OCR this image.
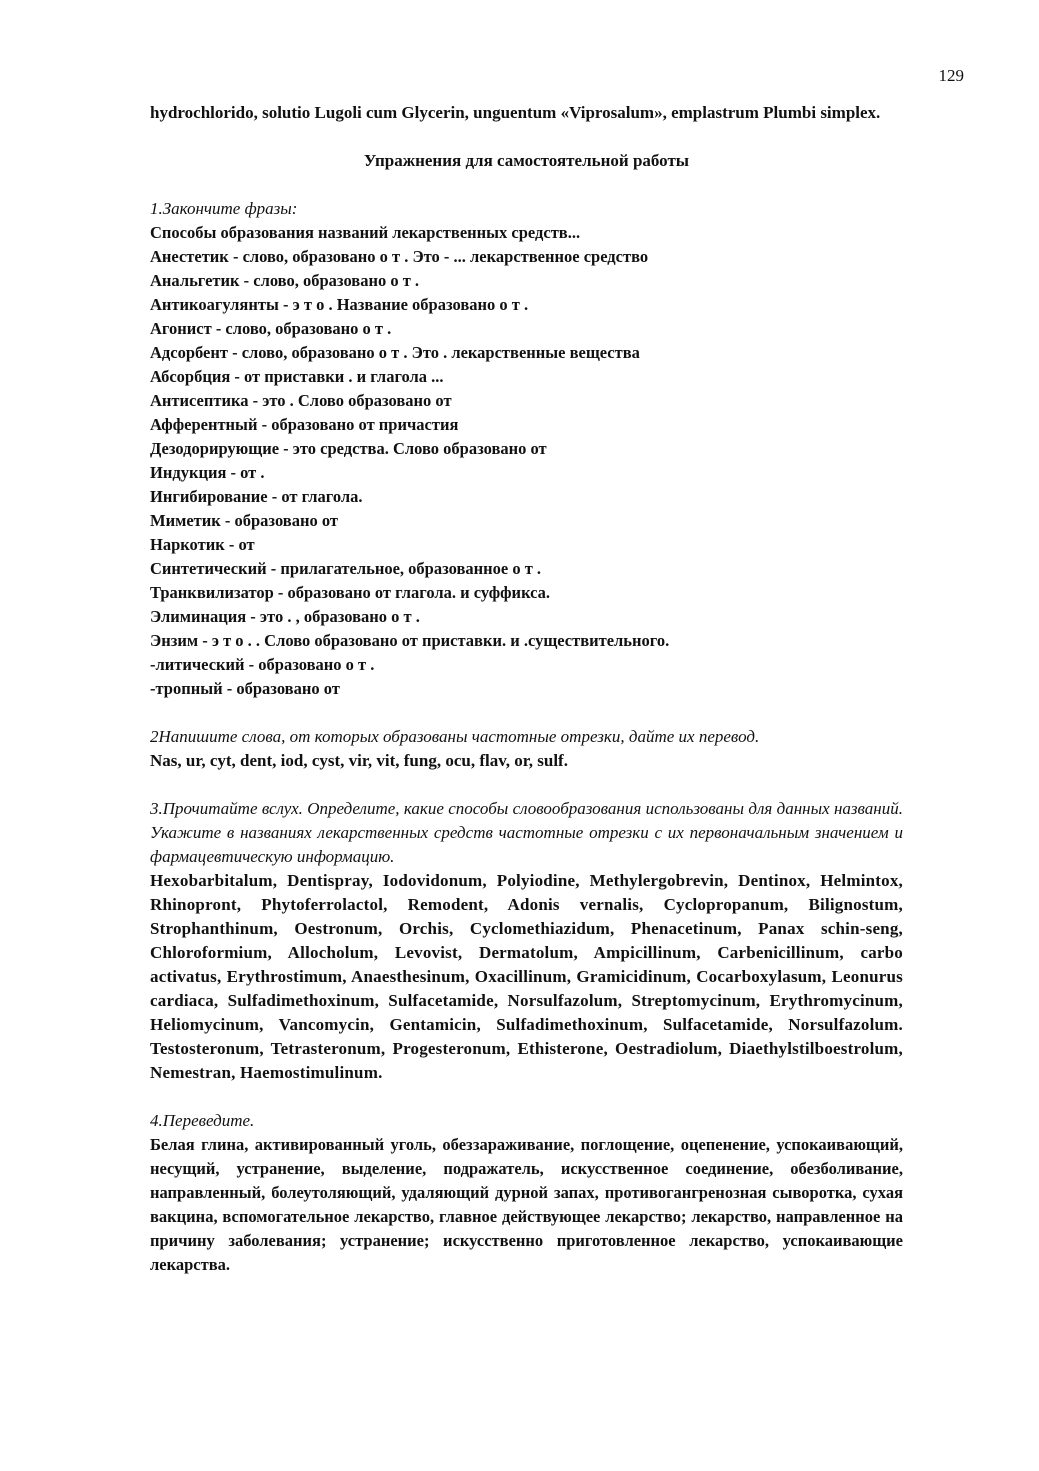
129

hydrochlorido, solutio Lugoli cum Glycerin, unguentum «Viprosalum», emplastrum Plumbi simplex.

Упражнения для самостоятельной работы

1.Закончите фразы:

Способы образования названий лекарственных средств...
Анестетик - слово, образовано о т . Это - ... лекарственное средство
Анальгетик - слово, образовано о т .
Антикоагулянты - э т о . Название образовано о т .
Агонист - слово, образовано о т .
Адсорбент - слово, образовано о т . Это . лекарственные вещества
Абсорбция - от приставки . и глагола ...
Антисептика - это . Слово образовано от
Афферентный - образовано от причастия
Дезодорирующие - это средства. Слово образовано от
Индукция - от .
Ингибирование - от глагола.
Миметик - образовано от
Наркотик - от
Синтетический - прилагательное, образованное о т .
Транквилизатор - образовано от глагола. и суффикса.
Элиминация - это . , образовано о т .
Энзим - э т о . . Слово образовано от приставки. и .существительного.
-литический - образовано о т .
-тропный - образовано от

2Напишите слова, от которых образованы частотные отрезки, дайте их перевод.

Nas, ur, cyt, dent, iod, cyst, vir, vit, fung, ocu, flav, or, sulf.

3.Прочитайте вслух. Определите, какие способы словообразования использованы для данных названий. Укажите в названиях лекарственных средств частотные отрезки с их первоначальным значением и фармацевтическую информацию.

Hexobarbitalum, Dentispray, Iodovidonum, Polyiodine, Methylergobrevin, Dentinox, Helmintox, Rhinopront, Phytoferrolactol, Remodent, Adonis vernalis, Cyclopropanum, Bilignostum, Strophanthinum, Oestronum, Orchis, Cyclomethiazidum, Phenacetinum, Panax schin-seng, Chloroformium, Allocholum, Levovist, Dermatolum, Ampicillinum, Carbenicillinum, carbo activatus, Erythrostimum, Anaesthesinum, Oxacillinum, Gramicidinum, Cocarboxylasum, Leonurus cardiaca, Sulfadimethoxinum, Sulfacetamide, Norsulfazolum, Streptomycinum, Erythromycinum, Heliomycinum, Vancomycin, Gentamicin, Sulfadimethoxinum, Sulfacetamide, Norsulfazolum. Testosteronum, Tetrasteronum, Progesteronum, Ethisterone, Oestradiolum, Diaethylstilboestrolum, Nemestran, Haemostimulinum.

4.Переведите.

Белая глина, активированный уголь, обеззараживание, поглощение, оцепенение, успокаивающий, несущий, устранение, выделение, подражатель, искусственное соединение, обезболивание, направленный, болеутоляющий, удаляющий дурной запах, противогангренозная сыворотка, сухая вакцина, вспомогательное лекарство, главное действующее лекарство; лекарство, направленное на причину заболевания; устранение; искусственно приготовленное лекарство, успокаивающие лекарства.
